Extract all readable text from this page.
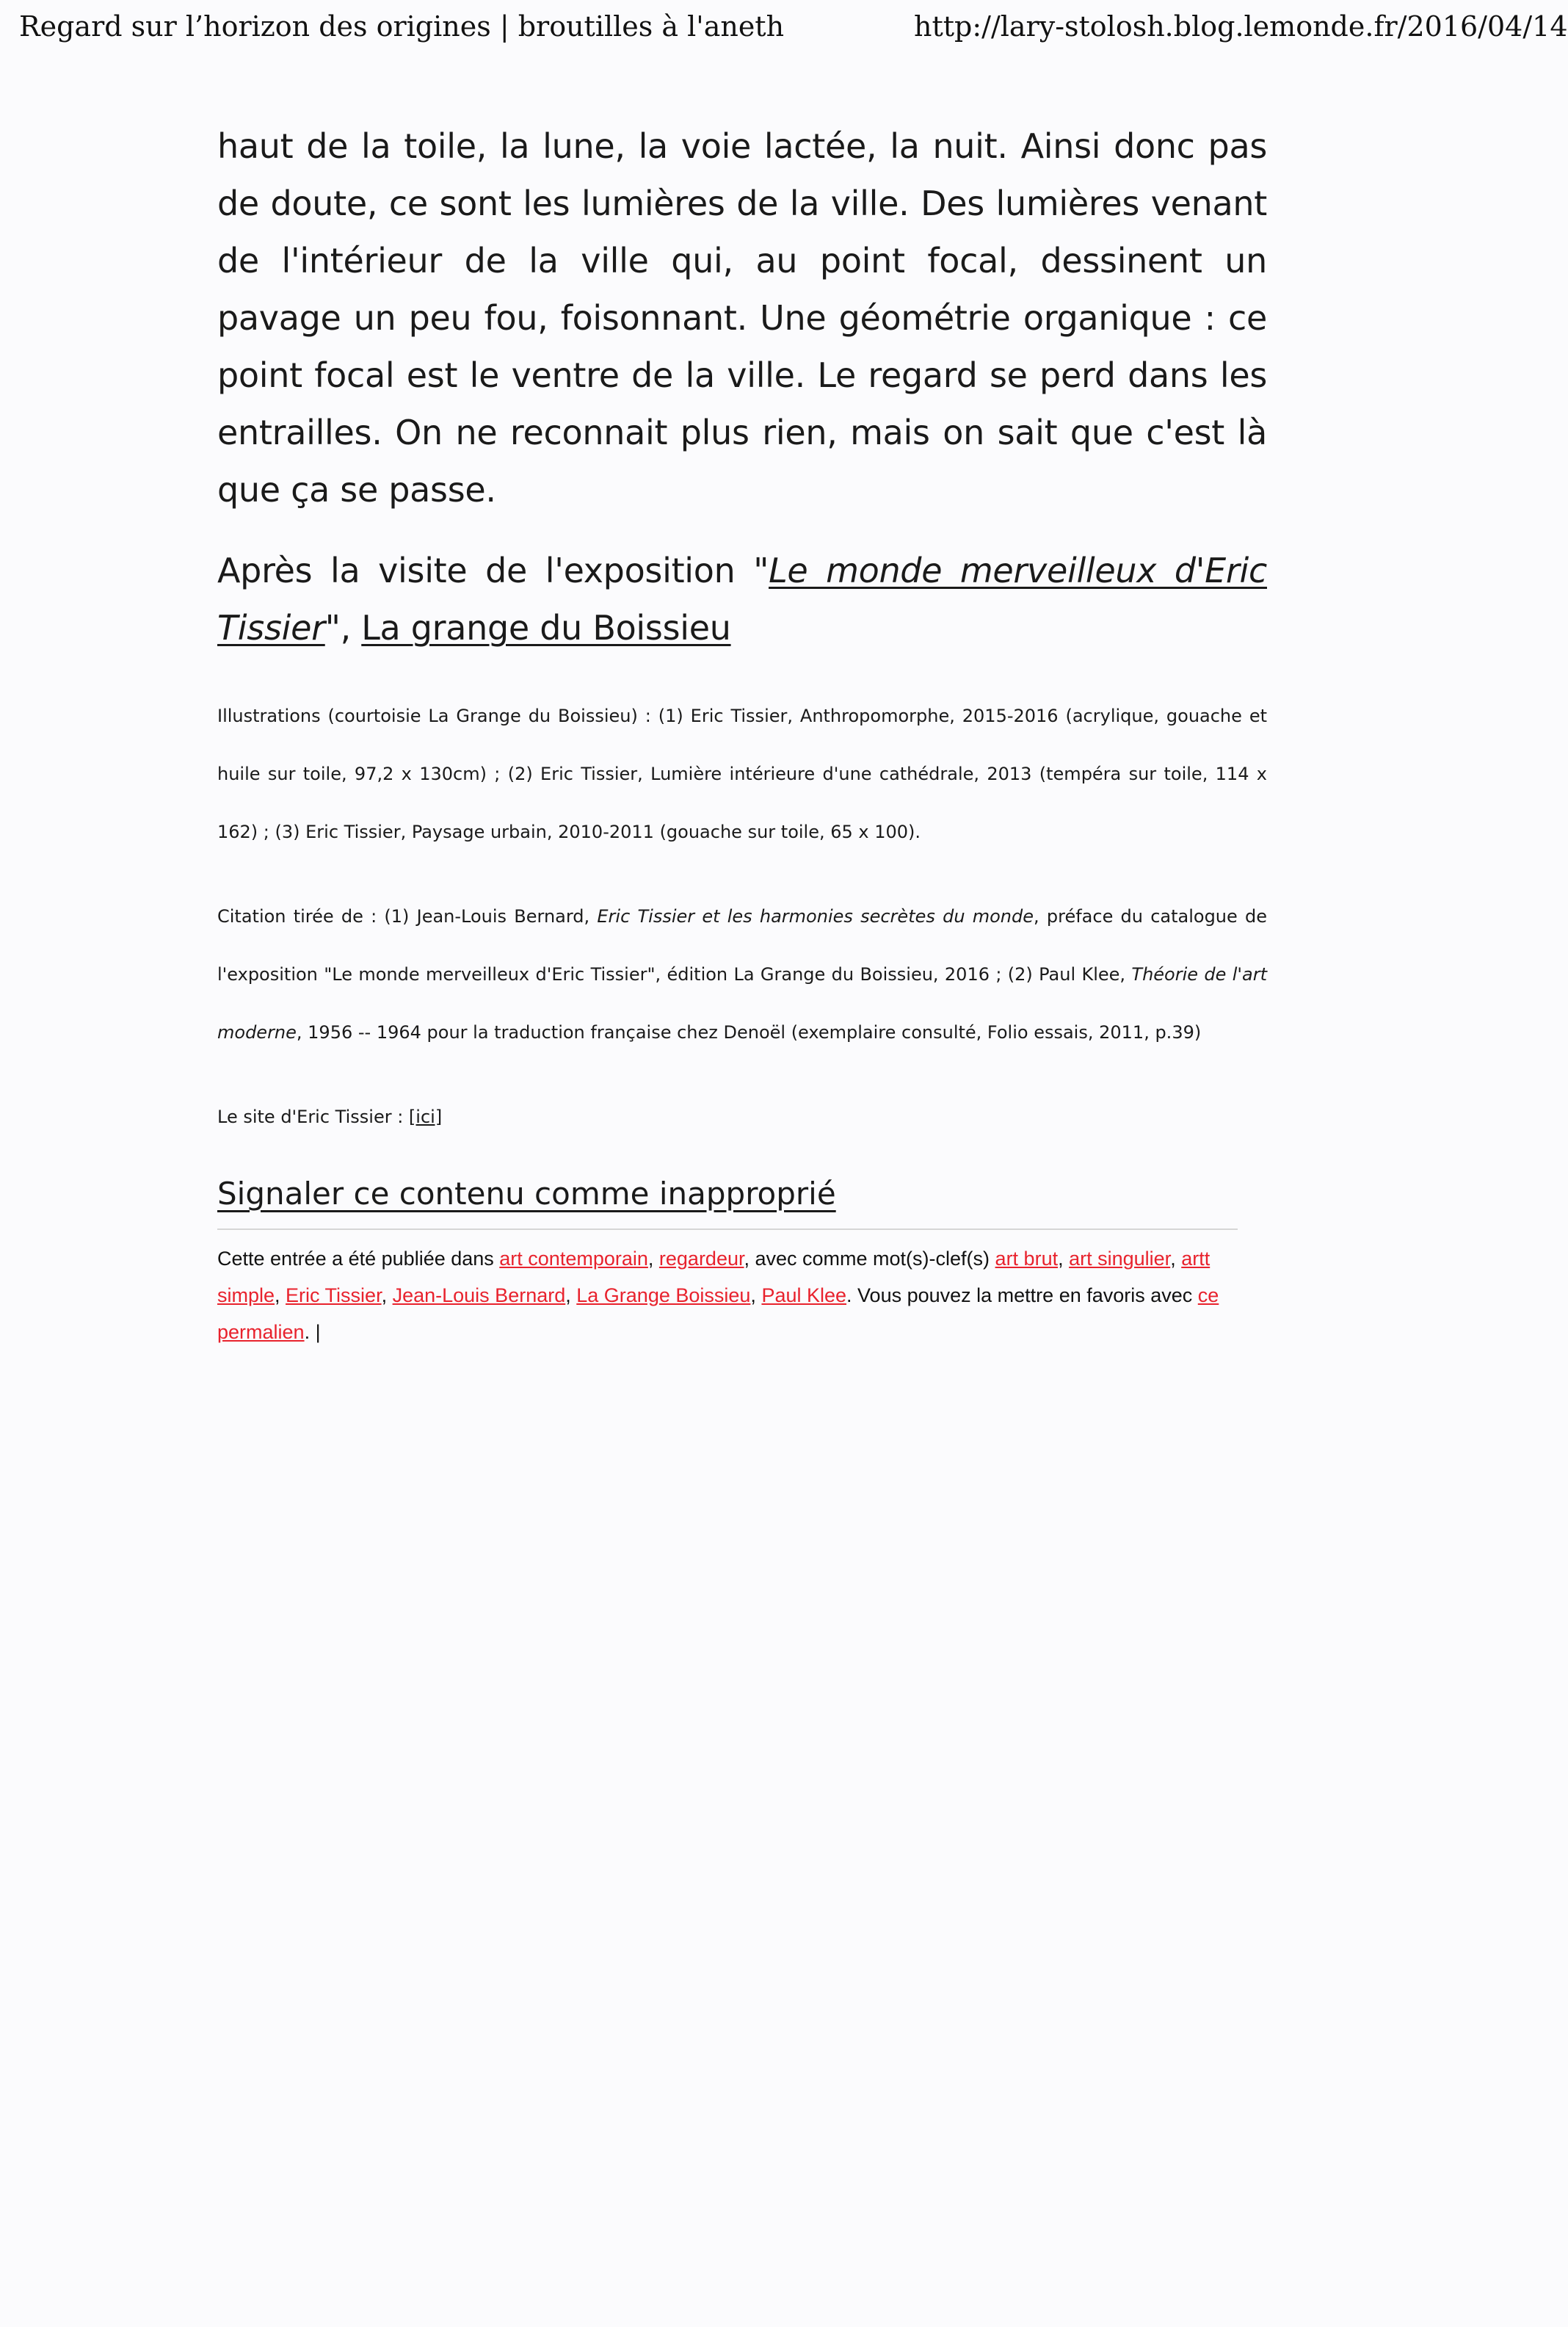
Regard sur l’horizon des origines | broutilles à l'aneth	http://lary-stolosh.blog.lemonde.fr/2016/04/14

haut de la toile, la lune, la voie lactée, la nuit. Ainsi donc pas de doute, ce sont les lumières de la ville. Des lumières venant de l'intérieur de la ville qui, au point focal, dessinent un pavage un peu fou, foisonnant. Une géométrie organique : ce point focal est le ventre de la ville. Le regard se perd dans les entrailles. On ne reconnait plus rien, mais on sait que c'est là que ça se passe.

Après la visite de l'exposition "Le monde merveilleux d'Eric Tissier", La grange du Boissieu

Illustrations (courtoisie La Grange du Boissieu) : (1) Eric Tissier, Anthropomorphe, 2015-2016 (acrylique, gouache et huile sur toile, 97,2 x 130cm) ; (2) Eric Tissier, Lumière intérieure d'une cathédrale, 2013 (tempéra sur toile, 114 x 162) ; (3) Eric Tissier, Paysage urbain, 2010-2011 (gouache sur toile, 65 x 100).

Citation tirée de : (1) Jean-Louis Bernard, Eric Tissier et les harmonies secrètes du monde, préface du catalogue de l'exposition "Le monde merveilleux d'Eric Tissier", édition La Grange du Boissieu, 2016 ; (2) Paul Klee, Théorie de l'art moderne, 1956 -- 1964 pour la traduction française chez Denoël (exemplaire consulté, Folio essais, 2011, p.39)

Le site d'Eric Tissier : [ici]

Signaler ce contenu comme inapproprié
Cette entrée a été publiée dans art contemporain, regardeur, avec comme mot(s)-clef(s) art brut, art singulier, artt simple, Eric Tissier, Jean-Louis Bernard, La Grange Boissieu, Paul Klee. Vous pouvez la mettre en favoris avec ce permalien. |
